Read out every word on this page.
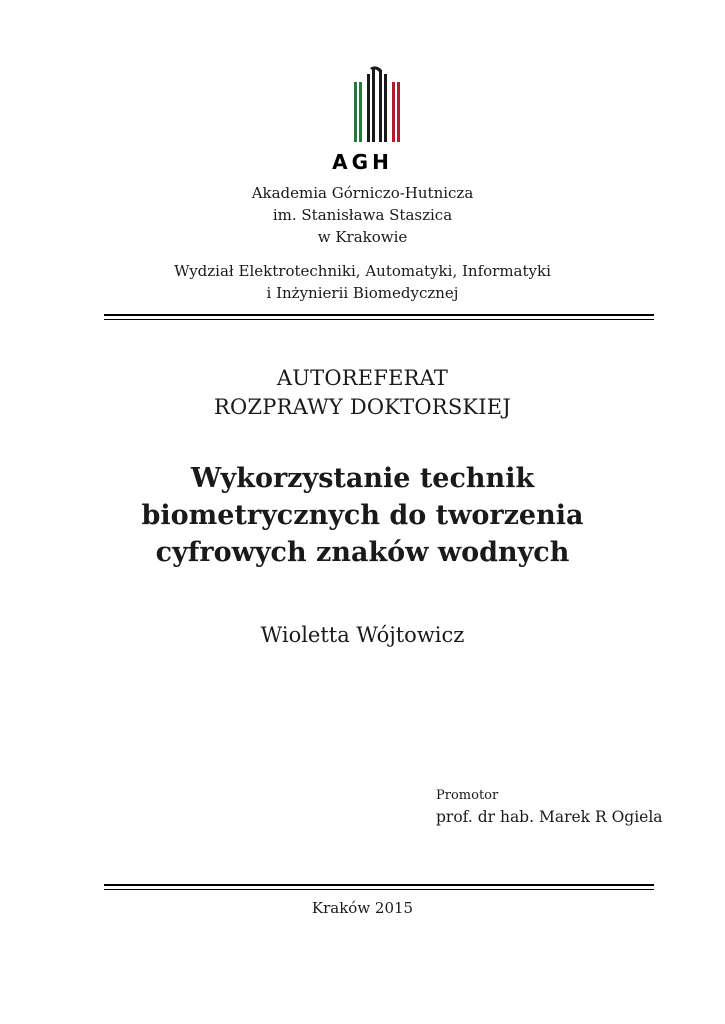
AGH
Akademia Górniczo-Hutnicza
im. Stanisława Staszica
w Krakowie
Wydział Elektrotechniki, Automatyki, Informatyki
i Inżynierii Biomedycznej
AUTOREFERAT
ROZPRAWY DOKTORSKIEJ
Wykorzystanie technik
biometrycznych do tworzenia
cyfrowych znaków wodnych
Wioletta Wójtowicz
Promotor
prof. dr hab. Marek R Ogiela
Kraków 2015
